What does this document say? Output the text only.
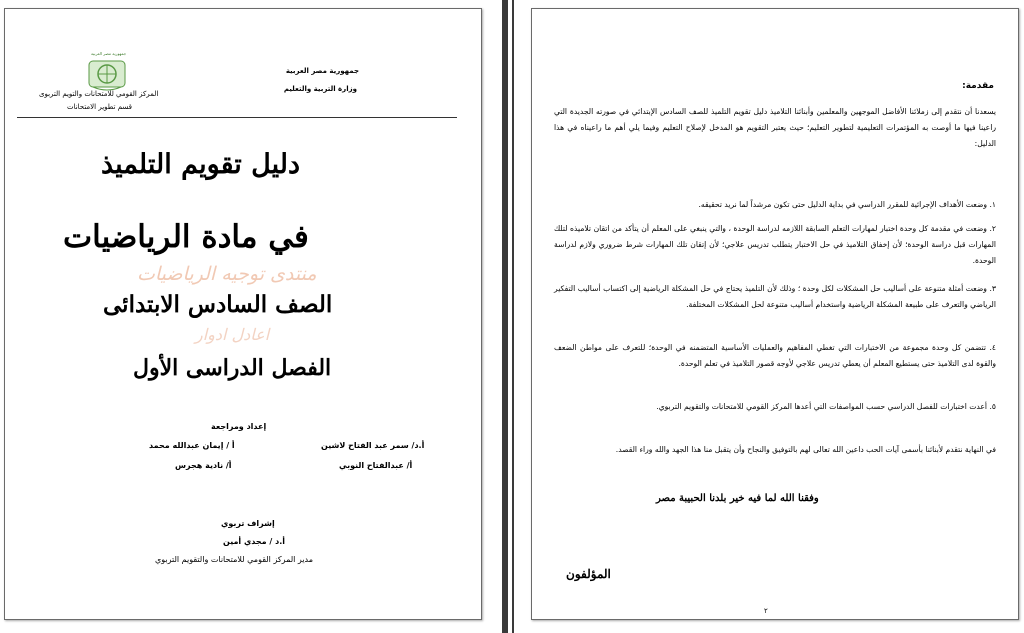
جمهورية مصر العربية
وزارة التربية والتعليم
جمهورية مصر العربية
المركز القومي للامتحانات والتويم التربوى
قسم تطوير الامتحانات
دليل تقويم التلميذ
في مادة الرياضيات
منتدى توجيه الرياضيات
الصف السادس الابتدائى
اعادل ادوار
الفصل الدراسى الأول
إعداد ومراجعة
أ.د/ سمر عبد الفتاح لاشين
أ / إيمان عبدالله محمد
أ/ عبدالفتاح النوبي
أ/ نادية هجرس
إشراف تربوي
أ.د / مجدي أمين
مدير المركز القومي للامتحانات والتقويم التربوي
مقدمة:
يسعدنا أن نتقدم إلى زملائنا الأفاضل الموجهين والمعلمين وأبنائنا التلاميذ دليل تقويم التلميذ للصف السادس الإبتدائي في صورته الجديدة التي راعينا فيها ما أوصت به المؤتمرات التعليمية لتطوير التعليم؛ حيث يعتبر التقويم هو المدخل لإصلاح التعليم وفيما يلي أهم ما راعيناه في هذا الدليل:
١. وضعت الأهداف الإجرائية للمقرر الدراسي في بداية الدليل حتى تكون مرشداً لما نريد تحقيقه.
٢. وضعت في مقدمة كل وحدة اختبار لمهارات التعلم السابقة اللازمه لدراسة الوحدة ، والتي ينبغي على المعلم أن يتأكد من اتقان تلاميذه لتلك المهارات قبل دراسة الوحدة؛ لأن إخفاق التلاميذ في حل الاختبار يتطلب تدريس علاجي؛ لأن إتقان تلك المهارات شرط ضروري ولازم لدراسة الوحدة.
٣. وضعت أمثلة متنوعة على أساليب حل المشكلات لكل وحدة ؛ وذلك لأن التلميذ يحتاج في حل المشكلة الرياضية إلى اكتساب أساليب التفكير الرياضي والتعرف على طبيعة المشكلة الرياضية واستخدام أساليب متنوعة لحل المشكلات المختلفة.
٤. تتضمن كل وحدة مجموعة من الاختبارات التي تغطي المفاهيم والعمليات الأساسية المتضمنه في الوحدة؛ للتعرف على مواطن الضعف والقوة لدى التلاميذ حتى يستطيع المعلم أن يعطي تدريس علاجي لأوجه قصور التلاميذ في تعلم الوحدة.
٥. أعدت اختبارات للفصل الدراسي حسب المواصفات التي أعدها المركز القومي للامتحانات والتقويم التربوي.
في النهاية نتقدم لأبنائنا بأسمى آيات الحب داعين الله تعالى لهم بالتوفيق والنجاح وأن يتقبل منا هذا الجهد والله وراء القصد.
وفقنا الله لما فيه خير بلدنا الحبيبة مصر
المؤلفون
٢
